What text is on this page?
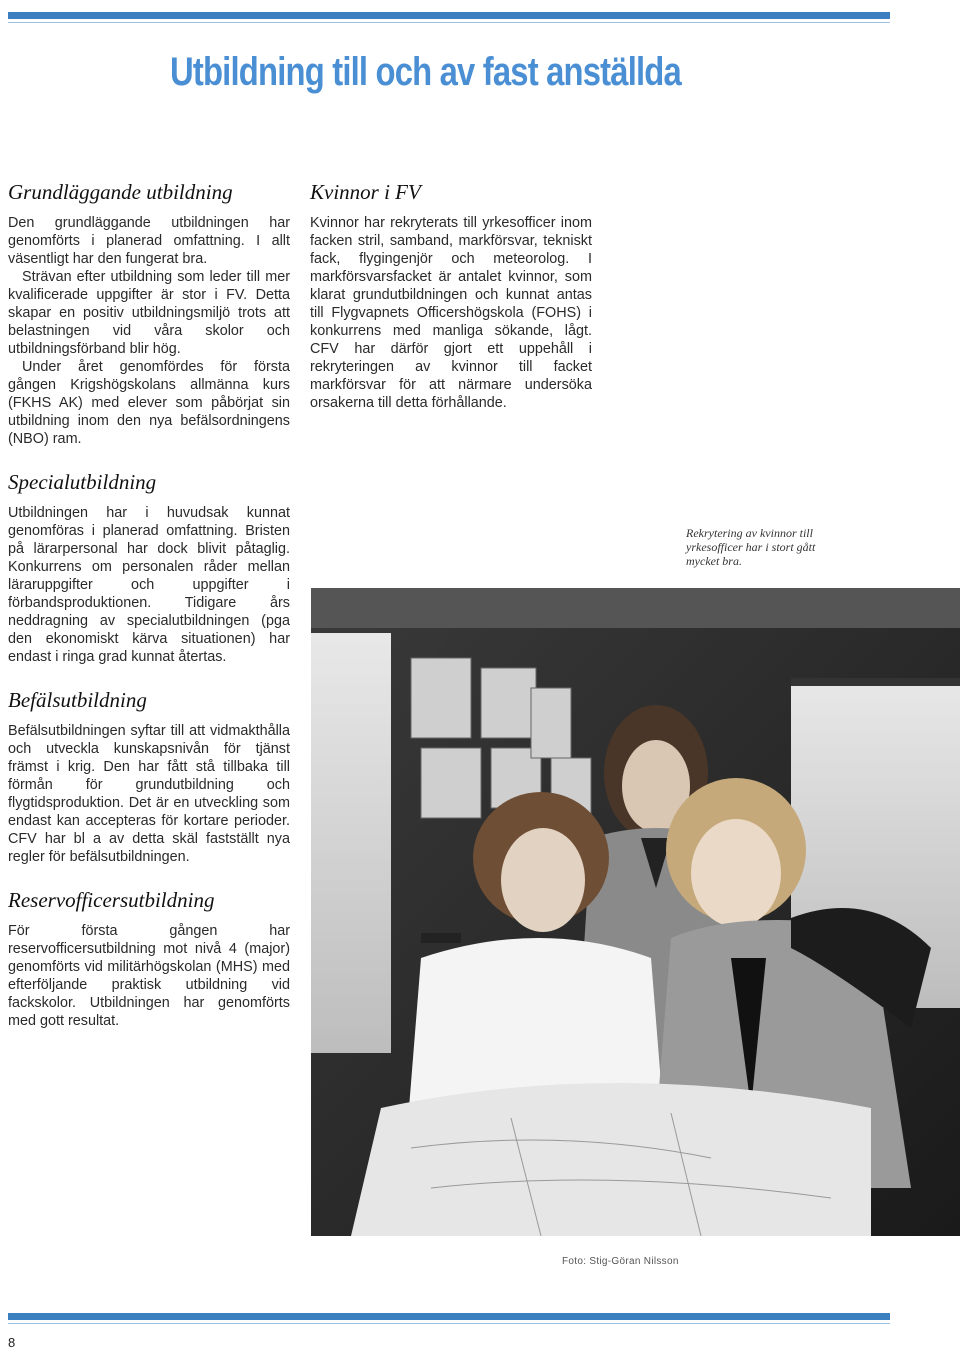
Utbildning till och av fast anställda
Grundläggande utbildning

Den grundläggande utbildningen har genomförts i planerad omfattning. I allt väsentligt har den fungerat bra.

Strävan efter utbildning som leder till mer kvalificerade uppgifter är stor i FV. Detta skapar en positiv utbildningsmiljö trots att belastningen vid våra skolor och utbildningsförband blir hög.

Under året genomfördes för första gången Krigshögskolans allmänna kurs (FKHS AK) med elever som påbörjat sin utbildning inom den nya befälsordningens (NBO) ram.

Specialutbildning

Utbildningen har i huvudsak kunnat genomföras i planerad omfattning. Bristen på lärarpersonal har dock blivit påtaglig. Konkurrens om personalen råder mellan läraruppgifter och uppgifter i förbandsproduktionen. Tidigare års neddragning av specialutbildningen (pga den ekonomiskt kärva situationen) har endast i ringa grad kunnat återtas.

Befälsutbildning

Befälsutbildningen syftar till att vidmakthålla och utveckla kunskapsnivån för tjänst främst i krig. Den har fått stå tillbaka till förmån för grundutbildning och flygtidsproduktion. Det är en utveckling som endast kan accepteras för kortare perioder. CFV har bl a av detta skäl fastställt nya regler för befälsutbildningen.

Reservofficersutbildning

För första gången har reservofficersutbildning mot nivå 4 (major) genomförts vid militärhögskolan (MHS) med efterföljande praktisk utbildning vid fackskolor. Utbildningen har genomförts med gott resultat.

Kvinnor i FV

Kvinnor har rekryterats till yrkesofficer inom facken stril, samband, markförsvar, tekniskt fack, flygingenjör och meteorolog. I markförsvarsfacket är antalet kvinnor, som klarat grundutbildningen och kunnat antas till Flygvapnets Officershögskola (FOHS) i konkurrens med manliga sökande, lågt. CFV har därför gjort ett uppehåll i rekryteringen av kvinnor till facket markförsvar för att närmare undersöka orsakerna till detta förhållande.

Rekrytering av kvinnor till yrkesofficer har i stort gått mycket bra.
Foto: Stig-Göran Nilsson
8
